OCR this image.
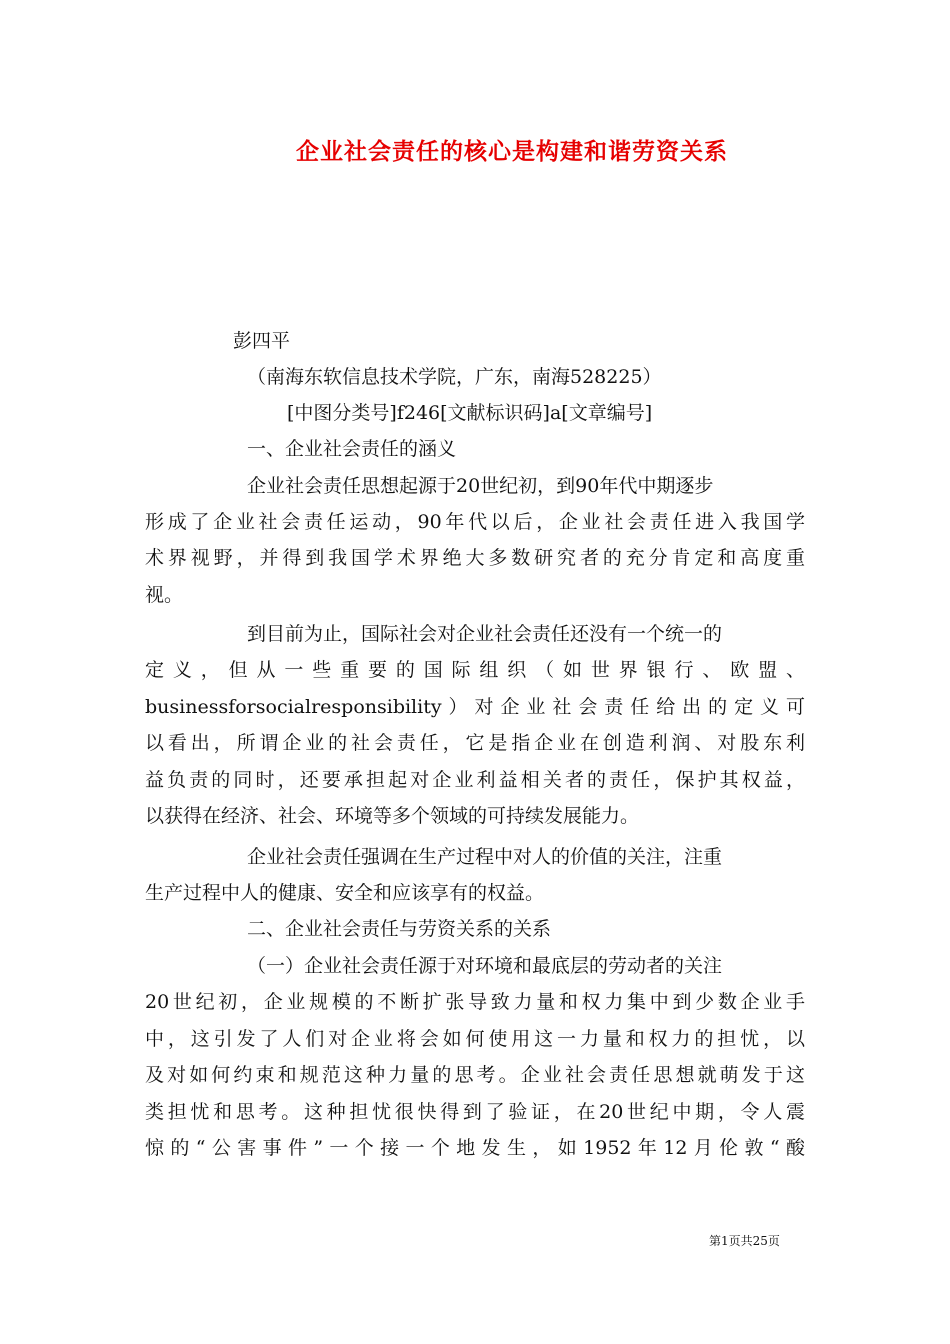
企业社会责任的核心是构建和谐劳资关系
彭四平
（南海东软信息技术学院，广东，南海528225）
[中图分类号]f246[文献标识码]a[文章编号]
一、企业社会责任的涵义
企业社会责任思想起源于20世纪初，到90年代中期逐步
形成了企业社会责任运动，90年代以后，企业社会责任进入我国学
术界视野，并得到我国学术界绝大多数研究者的充分肯定和高度重
视。
到目前为止，国际社会对企业社会责任还没有一个统一的
定义，但从一些重要的国际组织（如世界银行、欧盟、
businessforsocialresponsibility）对企业社会责任给出的定义可
以看出，所谓企业的社会责任，它是指企业在创造利润、对股东利
益负责的同时，还要承担起对企业利益相关者的责任，保护其权益，
以获得在经济、社会、环境等多个领域的可持续发展能力。
企业社会责任强调在生产过程中对人的价值的关注，注重
生产过程中人的健康、安全和应该享有的权益。
二、企业社会责任与劳资关系的关系
（一）企业社会责任源于对环境和最底层的劳动者的关注
20世纪初，企业规模的不断扩张导致力量和权力集中到少数企业手
中，这引发了人们对企业将会如何使用这一力量和权力的担忧，以
及对如何约束和规范这种力量的思考。企业社会责任思想就萌发于这
类担忧和思考。这种担忧很快得到了验证，在20世纪中期，令人震
惊的“公害事件”一个接一个地发生，如1952年12月伦敦“酸
第1页共25页
